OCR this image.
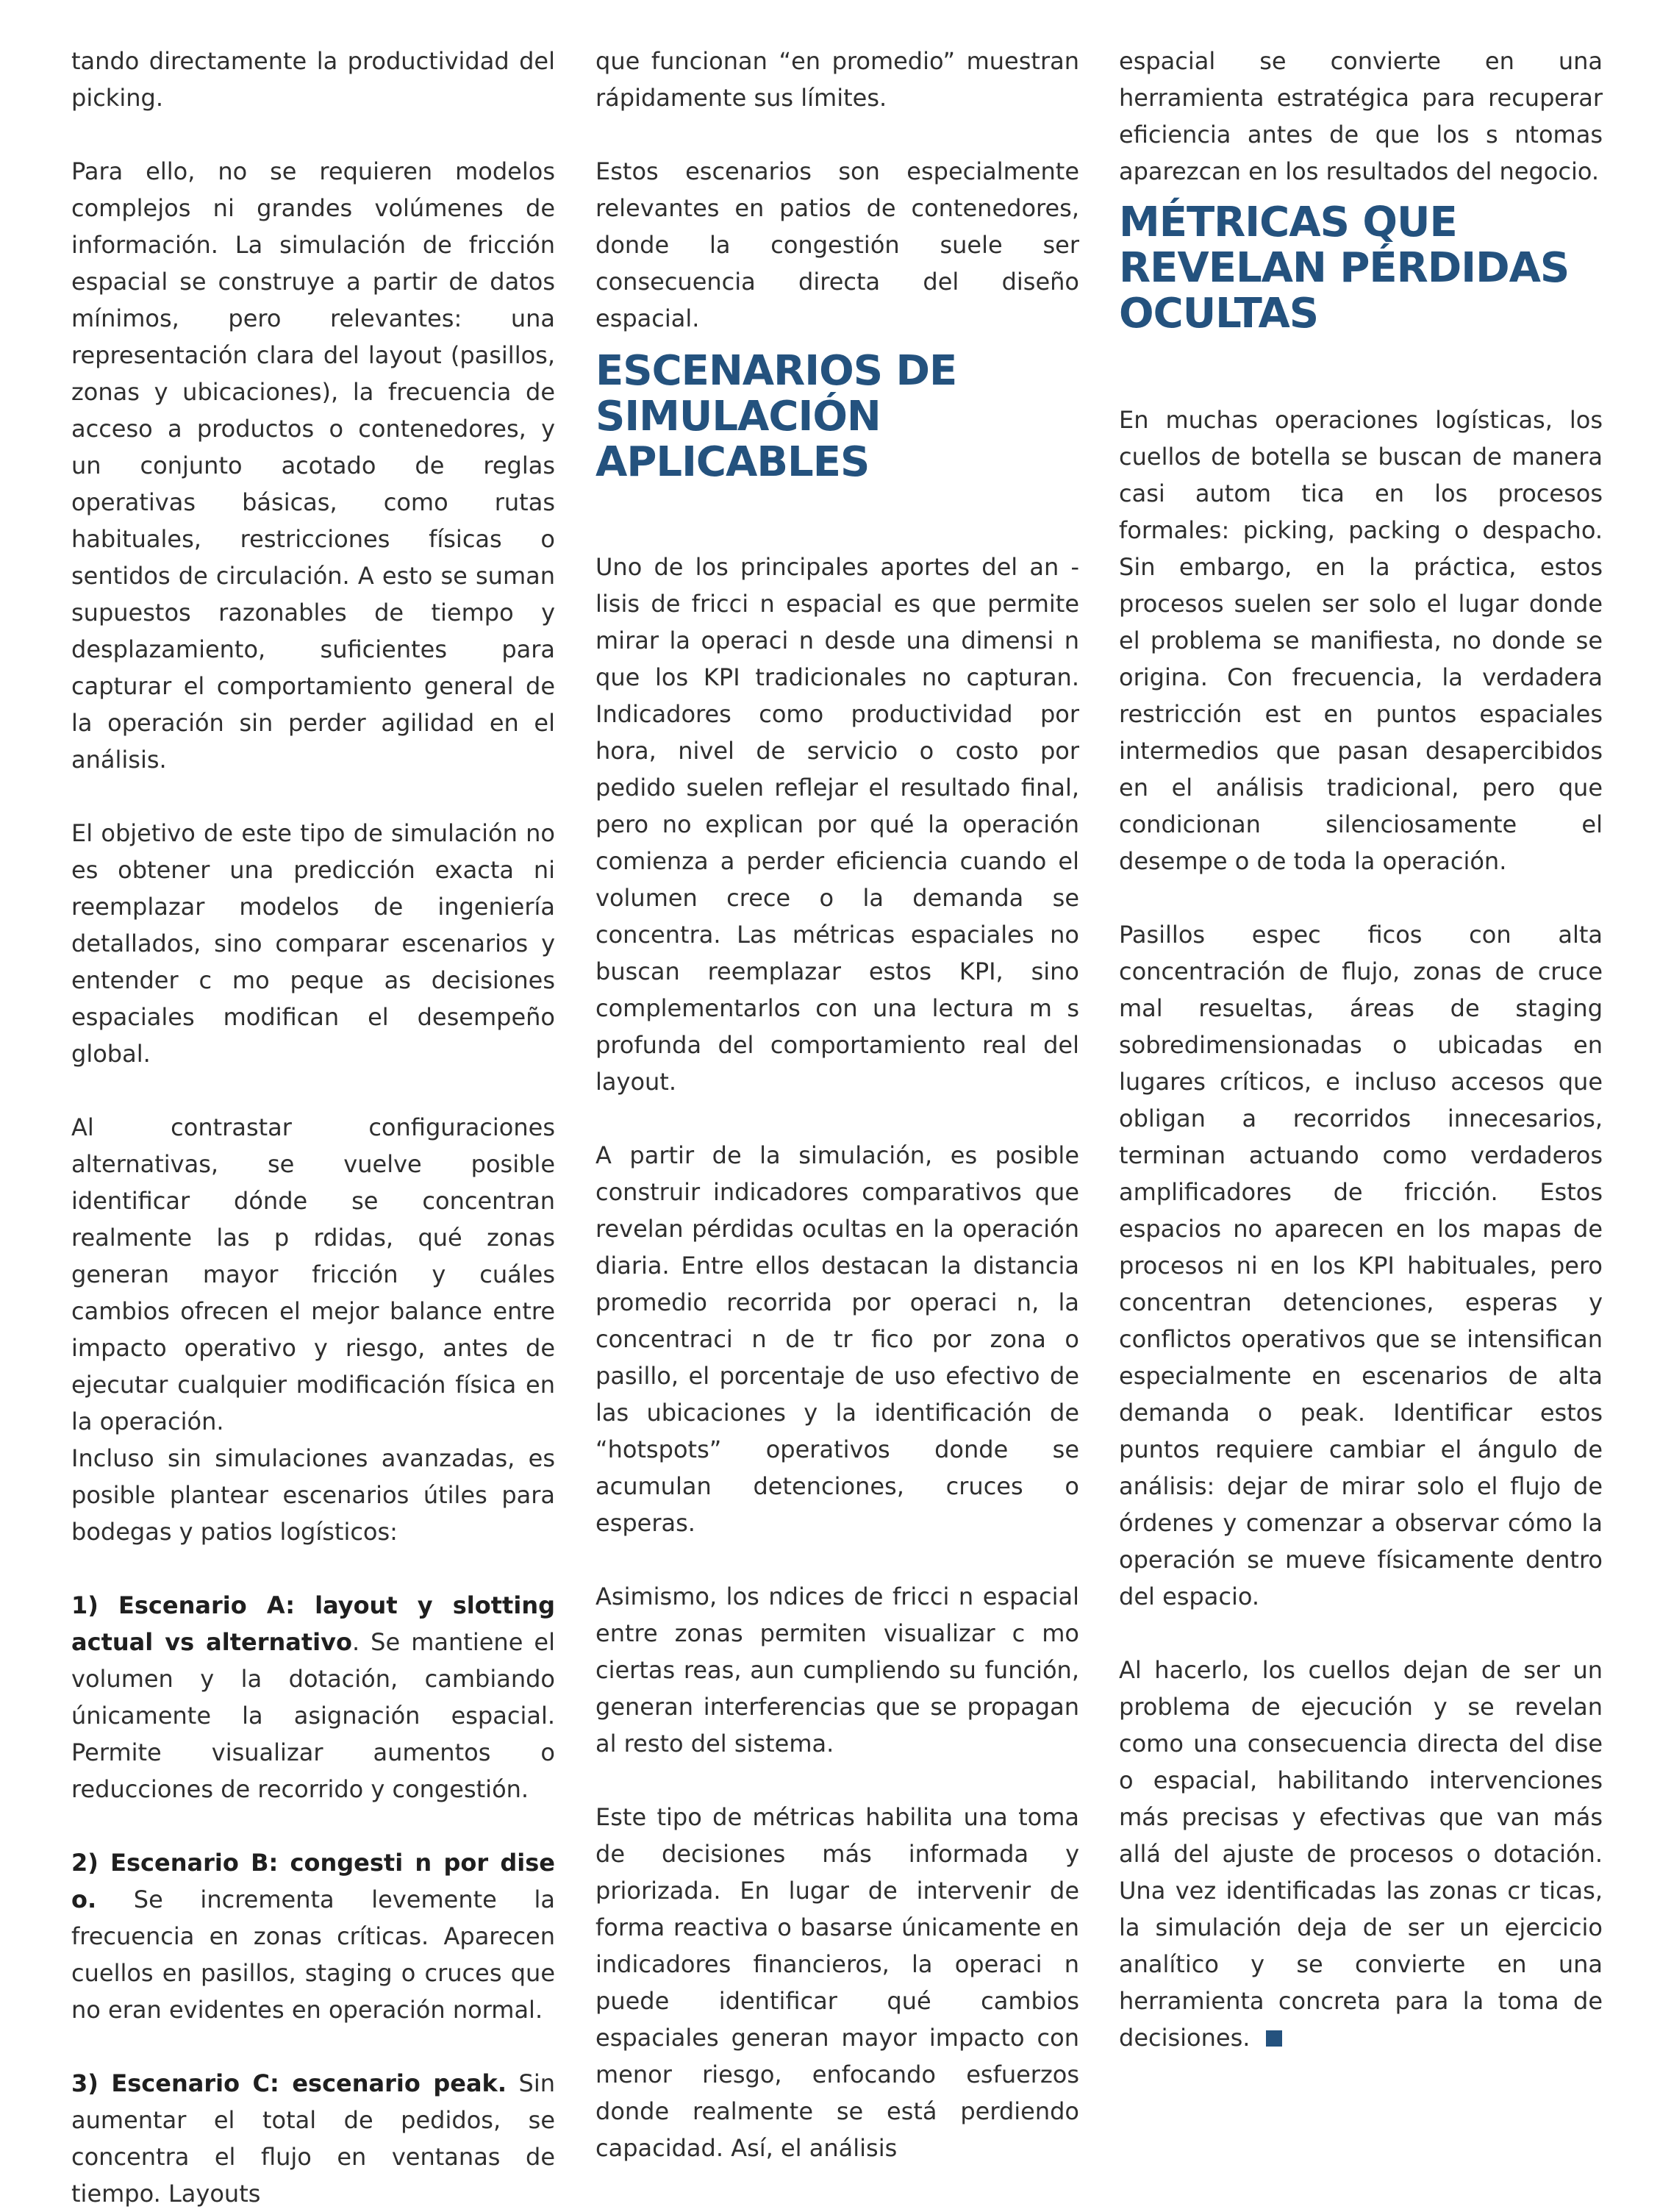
tando directamente la productividad del picking.

Para ello, no se requieren modelos complejos ni grandes volúmenes de información. La simulación de fricción espacial se construye a partir de datos mínimos, pero relevantes: una representación clara del layout (pasillos, zonas y ubicaciones), la frecuencia de acceso a productos o contenedores, y un conjunto acotado de reglas operativas básicas, como rutas habituales, restricciones físicas o sentidos de circulación. A esto se suman supuestos razonables de tiempo y desplazamiento, suficientes para capturar el comportamiento general de la operación sin perder agilidad en el análisis.

El objetivo de este tipo de simulación no es obtener una predicción exacta ni reemplazar modelos de ingeniería detallados, sino comparar escenarios y entender c mo peque as decisiones espaciales modifican el desempeño global.

Al contrastar configuraciones alternativas, se vuelve posible identificar dónde se concentran realmente las p rdidas, qué zonas generan mayor fricción y cuáles cambios ofrecen el mejor balance entre impacto operativo y riesgo, antes de ejecutar cualquier modificación física en la operación.

Incluso sin simulaciones avanzadas, es posible plantear escenarios útiles para bodegas y patios logísticos:

1) Escenario A: layout y slotting actual vs alternativo. Se mantiene el volumen y la dotación, cambiando únicamente la asignación espacial. Permite visualizar aumentos o reducciones de recorrido y congestión.

2) Escenario B: congesti n por dise o. Se incrementa levemente la frecuencia en zonas críticas. Aparecen cuellos en pasillos, staging o cruces que no eran evidentes en operación normal.

3) Escenario C: escenario peak. Sin aumentar el total de pedidos, se concentra el flujo en ventanas de tiempo. Layouts

que funcionan “en promedio” muestran rápidamente sus límites.

Estos escenarios son especialmente relevantes en patios de contenedores, donde la congestión suele ser consecuencia directa del diseño espacial.

ESCENARIOS DE SIMULACIÓN APLICABLES

Uno de los principales aportes del an -lisis de fricci n espacial es que permite mirar la operaci n desde una dimensi n que los KPI tradicionales no capturan. Indicadores como productividad por hora, nivel de servicio o costo por pedido suelen reflejar el resultado final, pero no explican por qué la operación comienza a perder eficiencia cuando el volumen crece o la demanda se concentra. Las métricas espaciales no buscan reemplazar estos KPI, sino complementarlos con una lectura m s profunda del comportamiento real del layout.

A partir de la simulación, es posible construir indicadores comparativos que revelan pérdidas ocultas en la operación diaria. Entre ellos destacan la distancia promedio recorrida por operaci n, la concentraci n de tr fico por zona o pasillo, el porcentaje de uso efectivo de las ubicaciones y la identificación de “hotspots” operativos donde se acumulan detenciones, cruces o esperas.

Asimismo, los ndices de fricci n espacial entre zonas permiten visualizar c mo ciertas reas, aun cumpliendo su función, generan interferencias que se propagan al resto del sistema.

Este tipo de métricas habilita una toma de decisiones más informada y priorizada. En lugar de intervenir de forma reactiva o basarse únicamente en indicadores financieros, la operaci n puede identificar qué cambios espaciales generan mayor impacto con menor riesgo, enfocando esfuerzos donde realmente se está perdiendo capacidad. Así, el análisis

espacial se convierte en una herramienta estratégica para recuperar eficiencia antes de que los s ntomas aparezcan en los resultados del negocio.

MÉTRICAS QUE REVELAN PÉRDIDAS OCULTAS

En muchas operaciones logísticas, los cuellos de botella se buscan de manera casi autom tica en los procesos formales: picking, packing o despacho. Sin embargo, en la práctica, estos procesos suelen ser solo el lugar donde el problema se manifiesta, no donde se origina. Con frecuencia, la verdadera restricción est en puntos espaciales intermedios que pasan desapercibidos en el análisis tradicional, pero que condicionan silenciosamente el desempe o de toda la operación.

Pasillos espec ficos con alta concentración de flujo, zonas de cruce mal resueltas, áreas de staging sobredimensionadas o ubicadas en lugares críticos, e incluso accesos que obligan a recorridos innecesarios, terminan actuando como verdaderos amplificadores de fricción. Estos espacios no aparecen en los mapas de procesos ni en los KPI habituales, pero concentran detenciones, esperas y conflictos operativos que se intensifican especialmente en escenarios de alta demanda o peak. Identificar estos puntos requiere cambiar el ángulo de análisis: dejar de mirar solo el flujo de órdenes y comenzar a observar cómo la operación se mueve físicamente dentro del espacio.

Al hacerlo, los cuellos dejan de ser un problema de ejecución y se revelan como una consecuencia directa del dise o espacial, habilitando intervenciones más precisas y efectivas que van más allá del ajuste de procesos o dotación. Una vez identificadas las zonas cr ticas, la simulación deja de ser un ejercicio analítico y se convierte en una herramienta concreta para la toma de decisiones.
